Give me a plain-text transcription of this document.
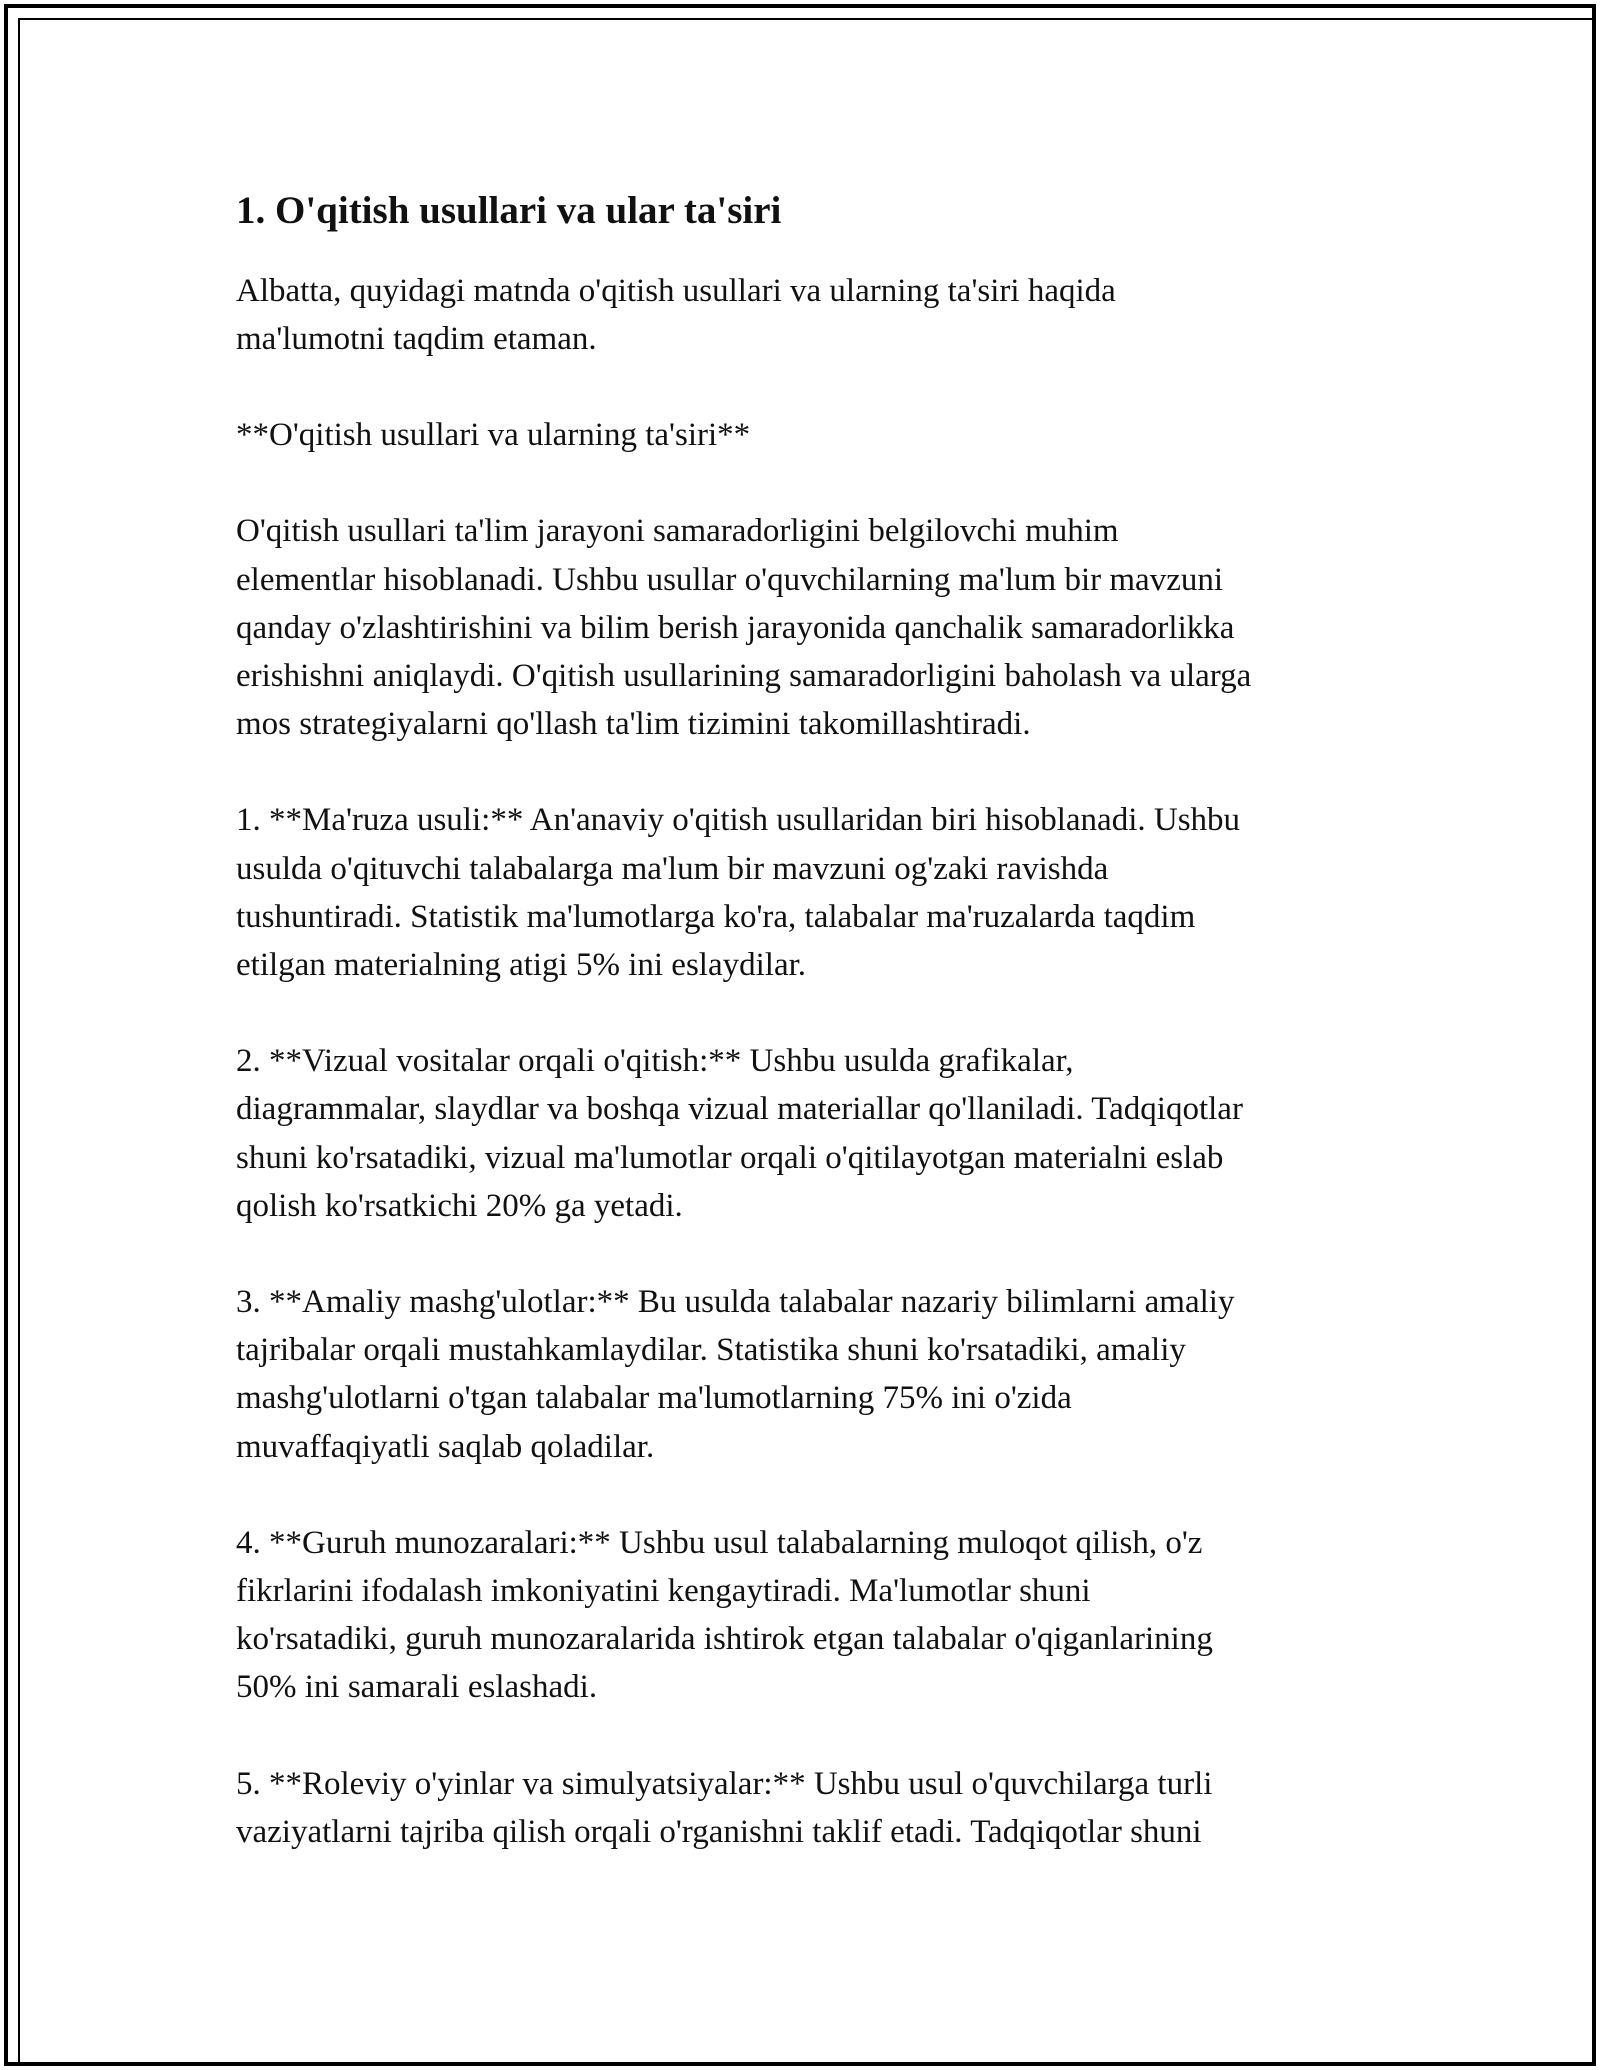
1. O'qitish usullari va ular ta'siri

Albatta, quyidagi matnda o'qitish usullari va ularning ta'siri haqida
ma'lumotni taqdim etaman.

**O'qitish usullari va ularning ta'siri**

O'qitish usullari ta'lim jarayoni samaradorligini belgilovchi muhim
elementlar hisoblanadi. Ushbu usullar o'quvchilarning ma'lum bir mavzuni
qanday o'zlashtirishini va bilim berish jarayonida qanchalik samaradorlikka
erishishni aniqlaydi. O'qitish usullarining samaradorligini baholash va ularga
mos strategiyalarni qo'llash ta'lim tizimini takomillashtiradi.

1. **Ma'ruza usuli:** An'anaviy o'qitish usullaridan biri hisoblanadi. Ushbu
usulda o'qituvchi talabalarga ma'lum bir mavzuni og'zaki ravishda
tushuntiradi. Statistik ma'lumotlarga ko'ra, talabalar ma'ruzalarda taqdim
etilgan materialning atigi 5% ini eslaydilar.

2. **Vizual vositalar orqali o'qitish:** Ushbu usulda grafikalar,
diagrammalar, slaydlar va boshqa vizual materiallar qo'llaniladi. Tadqiqotlar
shuni ko'rsatadiki, vizual ma'lumotlar orqali o'qitilayotgan materialni eslab
qolish ko'rsatkichi 20% ga yetadi.

3. **Amaliy mashg'ulotlar:** Bu usulda talabalar nazariy bilimlarni amaliy
tajribalar orqali mustahkamlaydilar. Statistika shuni ko'rsatadiki, amaliy
mashg'ulotlarni o'tgan talabalar ma'lumotlarning 75% ini o'zida
muvaffaqiyatli saqlab qoladilar.

4. **Guruh munozaralari:** Ushbu usul talabalarning muloqot qilish, o'z
fikrlarini ifodalash imkoniyatini kengaytiradi. Ma'lumotlar shuni
ko'rsatadiki, guruh munozaralarida ishtirok etgan talabalar o'qiganlarining
50% ini samarali eslashadi.

5. **Roleviy o'yinlar va simulyatsiyalar:** Ushbu usul o'quvchilarga turli
vaziyatlarni tajriba qilish orqali o'rganishni taklif etadi. Tadqiqotlar shuni
